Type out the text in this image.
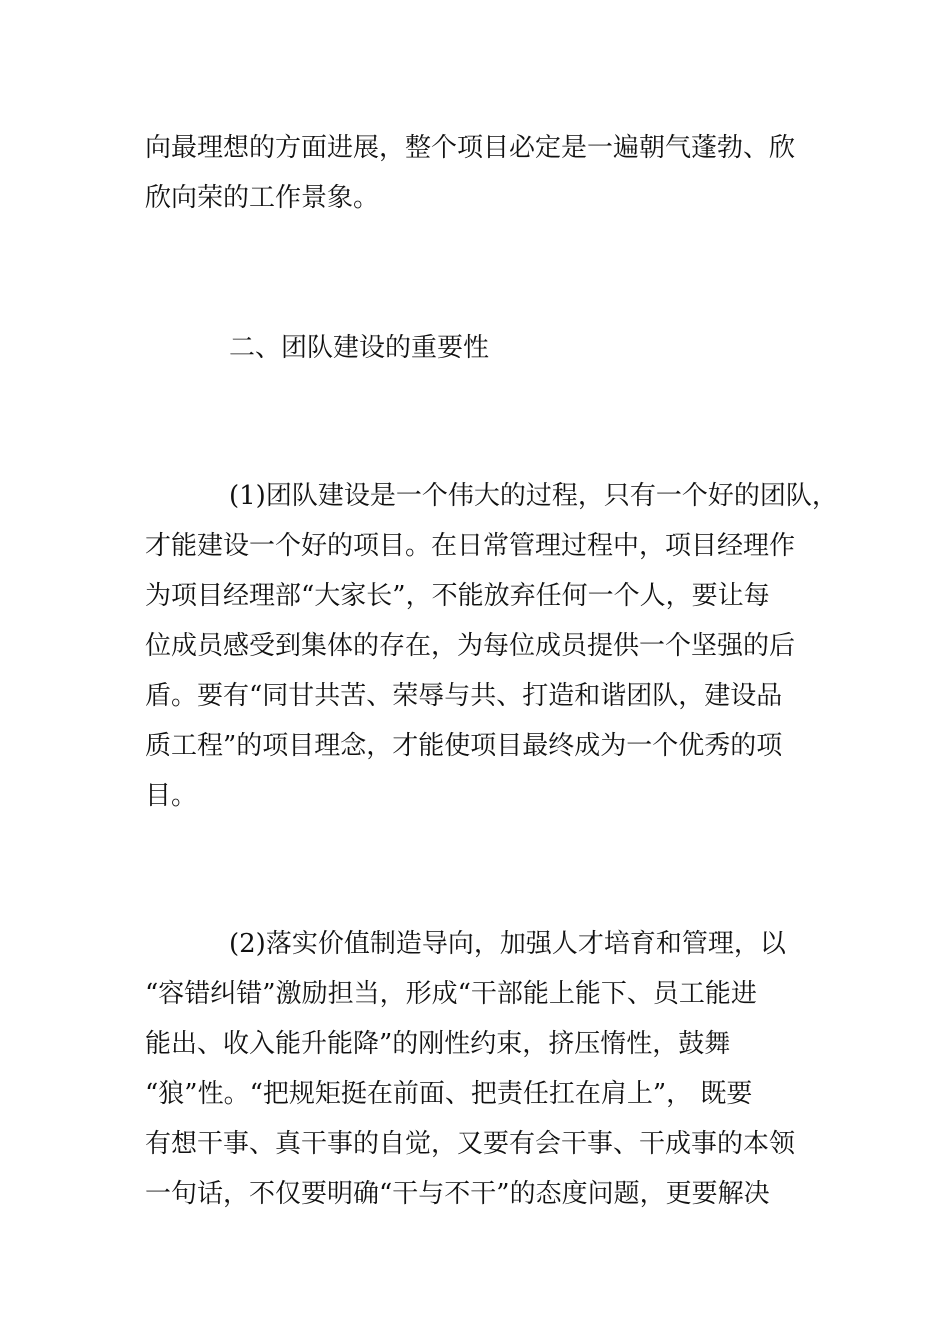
向最理想的方面进展，整个项目必定是一遍朝气蓬勃、欣
欣向荣的工作景象。
二、团队建设的重要性
(1)团队建设是一个伟大的过程，只有一个好的团队，
才能建设一个好的项目。在日常管理过程中，项目经理作
为项目经理部“大家长”，不能放弃任何一个人，要让每
位成员感受到集体的存在，为每位成员提供一个坚强的后
盾。要有“同甘共苦、荣辱与共、打造和谐团队，建设品
质工程”的项目理念，才能使项目最终成为一个优秀的项
目。
(2)落实价值制造导向，加强人才培育和管理，以
“容错纠错”激励担当，形成“干部能上能下、员工能进
能出、收入能升能降”的刚性约束，挤压惰性，鼓舞
“狼”性。“把规矩挺在前面、把责任扛在肩上”， 既要
有想干事、真干事的自觉，又要有会干事、干成事的本领
一句话，不仅要明确“干与不干”的态度问题，更要解决
